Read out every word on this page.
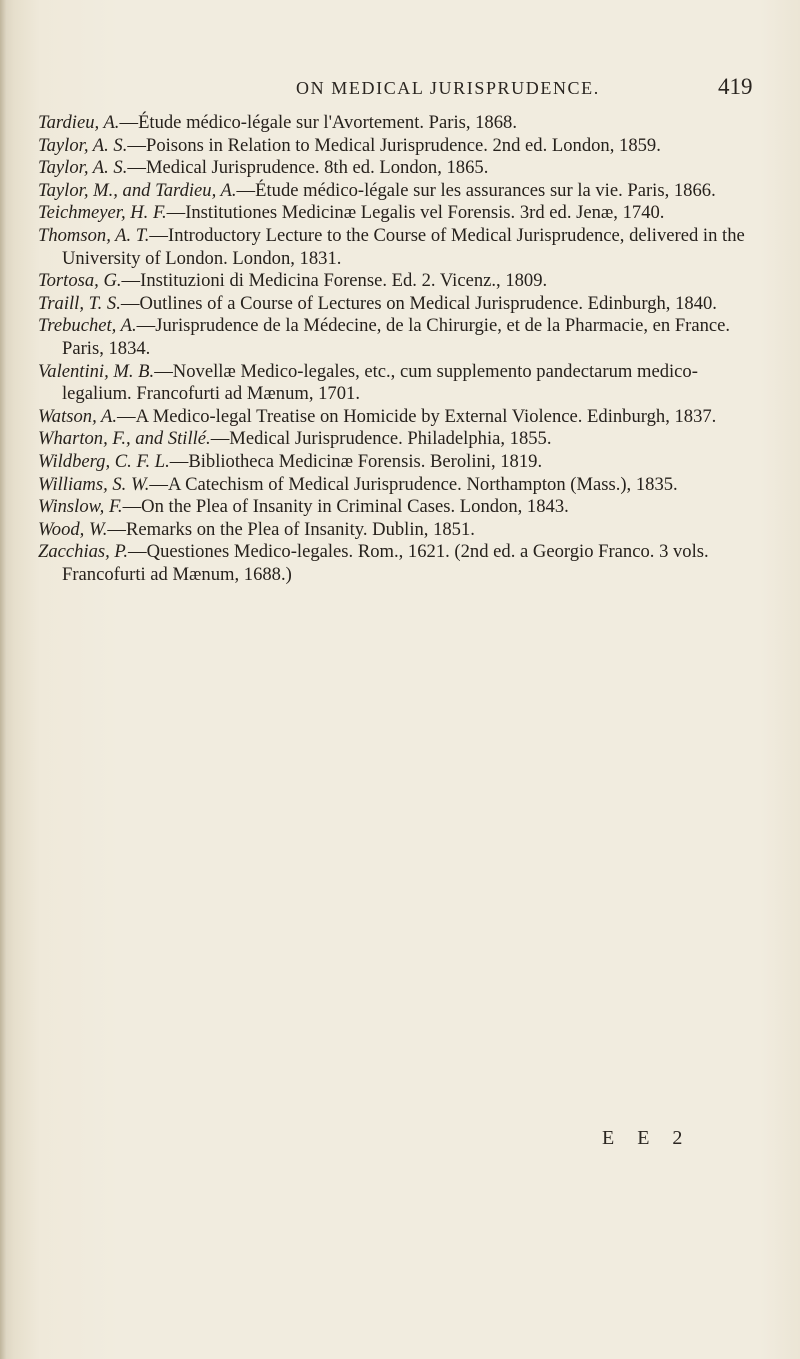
ON MEDICAL JURISPRUDENCE.	419

Tardieu, A.—Étude médico-légale sur l'Avortement. Paris, 1868.

Taylor, A. S.—Poisons in Relation to Medical Jurisprudence. 2nd ed. London, 1859.

Taylor, A. S.—Medical Jurisprudence. 8th ed. London, 1865.

Taylor, M., and Tardieu, A.—Étude médico-légale sur les assurances sur la vie. Paris, 1866.

Teichmeyer, H. F.—Institutiones Medicinæ Legalis vel Forensis. 3rd ed. Jenæ, 1740.

Thomson, A. T.—Introductory Lecture to the Course of Medical Jurisprudence, delivered in the University of London. London, 1831.

Tortosa, G.—Instituzioni di Medicina Forense. Ed. 2. Vicenz., 1809.

Traill, T. S.—Outlines of a Course of Lectures on Medical Jurisprudence. Edinburgh, 1840.

Trebuchet, A.—Jurisprudence de la Médecine, de la Chirurgie, et de la Pharmacie, en France. Paris, 1834.

Valentini, M. B.—Novellæ Medico-legales, etc., cum supplemento pandectarum medico-legalium. Francofurti ad Mænum, 1701.

Watson, A.—A Medico-legal Treatise on Homicide by External Violence. Edinburgh, 1837.

Wharton, F., and Stillé.—Medical Jurisprudence. Philadelphia, 1855.

Wildberg, C. F. L.—Bibliotheca Medicinæ Forensis. Berolini, 1819.

Williams, S. W.—A Catechism of Medical Jurisprudence. Northampton (Mass.), 1835.

Winslow, F.—On the Plea of Insanity in Criminal Cases. London, 1843.

Wood, W.—Remarks on the Plea of Insanity. Dublin, 1851.

Zacchias, P.—Questiones Medico-legales. Rom., 1621. (2nd ed. a Georgio Franco. 3 vols. Francofurti ad Mænum, 1688.)

E E 2
